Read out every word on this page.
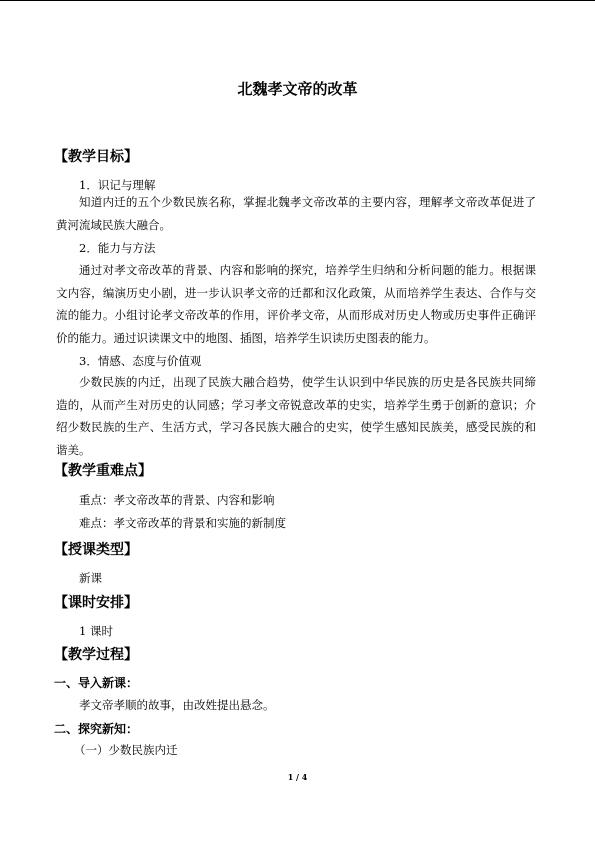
北魏孝文帝的改革
【教学目标】
1．识记与理解

知道内迁的五个少数民族名称，掌握北魏孝文帝改革的主要内容，理解孝文帝改革促进了黄河流域民族大融合。

2．能力与方法

通过对孝文帝改革的背景、内容和影响的探究，培养学生归纳和分析问题的能力。根据课文内容，编演历史小剧，进一步认识孝文帝的迁都和汉化政策，从而培养学生表达、合作与交流的能力。小组讨论孝文帝改革的作用，评价孝文帝，从而形成对历史人物或历史事件正确评价的能力。通过识读课文中的地图、插图，培养学生识读历史图表的能力。

3．情感、态度与价值观

少数民族的内迁，出现了民族大融合趋势，使学生认识到中华民族的历史是各民族共同缔造的，从而产生对历史的认同感；学习孝文帝锐意改革的史实，培养学生勇于创新的意识；介绍少数民族的生产、生活方式，学习各民族大融合的史实，使学生感知民族美，感受民族的和谐美。

【教学重难点】
重点：孝文帝改革的背景、内容和影响
难点：孝文帝改革的背景和实施的新制度
【授课类型】
新课
【课时安排】
1 课时
【教学过程】
一、导入新课：
孝文帝孝顺的故事，由改姓提出悬念。
二、探究新知：
（一）少数民族内迁
1 / 4
